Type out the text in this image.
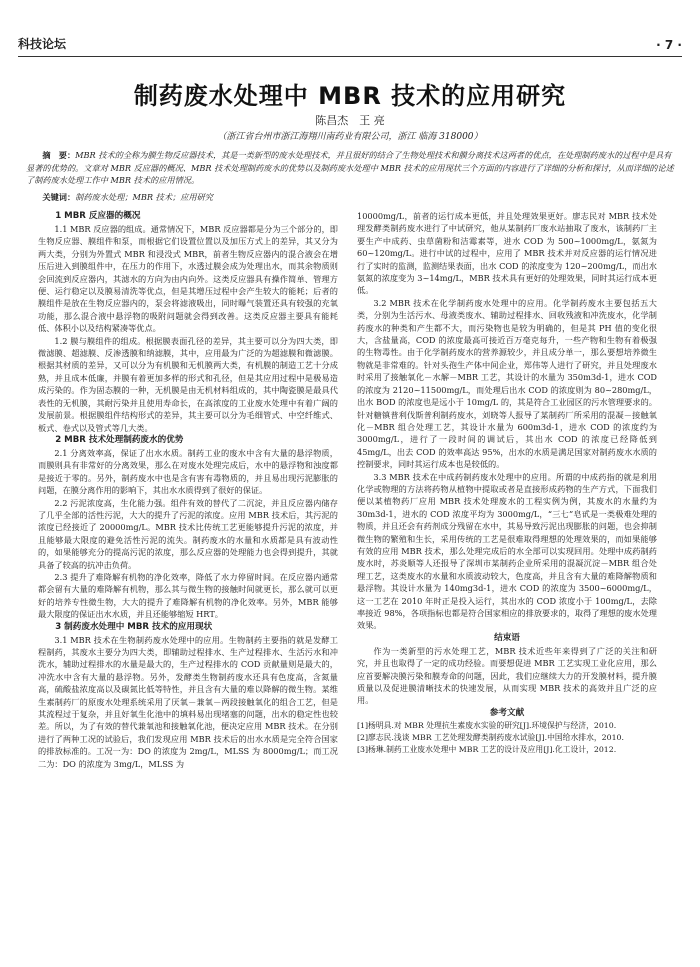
科技论坛	· 7 ·
制药废水处理中 MBR 技术的应用研究
陈昌杰　王 亮
（浙江省台州市浙江海翔川南药业有限公司，浙江 临海 318000）
摘　要：MBR 技术的全称为膜生物反应器技术，其是一类新型的废水处理技术，并且很好的结合了生物处理技术和膜分离技术这两者的优点，在处理制药废水的过程中是具有显著的优势的。文章对 MBR 反应器的概况、MBR 技术处理制药废水的优势以及制药废水处理中 MBR 技术的应用现状三个方面的内容进行了详细的分析和探讨，从而详细的论述了制药废水处理工作中 MBR 技术的应用情况。
关键词：制药废水处理；MBR 技术；应用研究
1 MBR 反应器的概况

1.1 MBR 反应器的组成。通常情况下，MBR 反应器都是分为三个部分的，即生物反应器、膜组件和泵，而根据它们设置位置以及加压方式上的差异，其又分为两大类，分别为外置式 MBR 和浸没式 MBR，前者生物反应器内的混合液会在增压后进入到膜组件中，在压力的作用下，水透过膜会成为处理出水，而其余物质则会回流到反应器内，其滤水的方向为由内向外。这类反应器具有操作简单、管理方便、运行稳定以及膜易清洗等优点，但是其增压过程中会产生较大的能耗；后者的膜组件是放在生物反应器内的，泵会将滤液吸出，同时曝气装置还具有较强的充氧功能，那么混合液中悬浮物的吸附问题就会得到改善。这类反应器主要具有能耗低、体积小以及结构紧凑等优点。

1.2 膜与膜组件的组成。根据膜表面孔径的差异，其主要可以分为四大类，即微滤膜、超滤膜、反渗透膜和纳滤膜，其中，应用最为广泛的为超滤膜和微滤膜。根据其材质的差异，又可以分为有机膜和无机膜两大类，有机膜的制造工艺十分成熟，并且成本低廉，并膜有着更加多样的形式和孔径，但是其应用过程中是极易造成污染的。作为固态膜的一种，无机膜是由无机材料组成的，其中陶瓷膜是最具代表性的无机膜，其耐污染并且使用寿命长，在高浓度的工业废水处理中有着广阔的发展前景。根据膜组件结构形式的差异，其主要可以分为毛细管式、中空纤维式、板式、卷式以及管式等几大类。

2 MBR 技术处理制药废水的优势

2.1 分离效率高，保证了出水水质。制药工业的废水中含有大量的悬浮物质，而膜则具有非常好的分离效果，那么在对废水处理完成后，水中的悬浮物和浊度都是接近于零的。另外，制药废水中也是含有害有毒物质的，并且易出现污泥膨胀的问题，在膜分离作用的影响下，其出水水质得到了很好的保证。

2.2 污泥浓度高，生化能力强。组件有效的替代了二沉淀，并且反应器内储存了几乎全部的活性污泥，大大的提升了污泥的浓度。应用 MBR 技术后，其污泥的浓度已经接近了 20000mg/L。MBR 技术比传统工艺更能够提升污泥的浓度，并且能够最大限度的避免活性污泥的流失。制药废水的水量和水质都是具有波动性的，如果能够充分的提高污泥的浓度，那么反应器的处理能力也会得到提升，其就具备了较高的抗冲击负荷。

2.3 提升了难降解有机物的净化效率，降低了水力停留时间。在反应器内通常都会留有大量的难降解有机物，那么其与微生物的接触时间就更长，那么就可以更好的培养专性微生物，大大的提升了难降解有机物的净化效率。另外，MBR 能够最大限度的保证出水水质，并且还能够缩短 HRT。

3 制药废水处理中 MBR 技术的应用现状

3.1 MBR 技术在生物制药废水处理中的应用。生物制药主要指的就是发酵工程制药，其废水主要分为四大类，即辅助过程排水、生产过程排水、生活污水和冲洗水，辅助过程排水的水量是最大的，生产过程排水的 COD 贡献量则是最大的，冲洗水中含有大量的悬浮物。另外，发酵类生物制药废水还具有色度高，含氮量高，硫酸盐浓度高以及碳氮比低等特性，并且含有大量的难以降解的微生物。某维生素制药厂的原废水处理系统采用了厌氧－兼氧－两段接触氧化的组合工艺，但是其流程过于复杂，并且好氧生化池中的填料易出现堵塞的问题，出水的稳定性也较差。所以，为了有效的替代兼氧池和接触氧化池，便决定应用 MBR 技术。在分别进行了两种工况的试验后，我们发现应用 MBR 技术后的出水水质是完全符合国家的排放标准的。工况一为：DO 的浓度为 2mg/L，MLSS 为 8000mg/L；而工况二为：DO 的浓度为 3mg/L，MLSS 为

10000mg/L，前者的运行成本更低，并且处理效果更好。廖志民对 MBR 技术处理发酵类制药废水进行了中试研究，他从某制药厂废水站抽取了废水，该制药厂主要生产中成药、虫草菌粉和洁霉素等，进水 COD 为 500~1000mg/L，氨氮为 60~120mg/L。进行中试的过程中，应用了 MBR 技术并对反应器的运行情况进行了实时的监测，监测结果表面，出水 COD 的浓度变为 120~200mg/L，而出水氨氮的浓度变为 3~14mg/L，MBR 技术具有更好的处理效果，同时其运行成本更低。

3.2 MBR 技术在化学制药废水处理中的应用。化学制药废水主要包括五大类，分别为生活污水、母液类废水、辅助过程排水、回收残液和冲洗废水，化学制药废水的种类和产生都不大，而污染物也是较为明确的，但是其 PH 值的变化很大，含盐量高，COD 的浓度最高可接近百万毫克每升，一些产物和生物有着极强的生物毒性。由于化学制药废水的营养源较少，并且成分单一，那么要想培养微生物就是非常难的。针对头孢生产体中间企业，郑伟等人进行了研究，并且处理废水时采用了接触氧化－水解－MBR 工艺，其设计的水量为 350m3d-1，进水 COD 的浓度为 2120~11500mg/L，而处理后出水 COD 的浓度则为 80~280mg/L，出水 BOD 的浓度也是远小于 10mg/L 的，其是符合工业园区的污水管理要求的。针对糖镇普利伐斯普利制药废水，刘晓等人报导了某制药厂所采用的混凝－接触氧化－MBR 组合处理工艺，其设计水量为 600m3d-1，进水 COD 的浓度约为 3000mg/L，进行了一段时间的调试后，其出水 COD 的浓度已经降低到 45mg/L，出去 COD 的效率高达 95%，出水的水质是满足国家对制药废水水质的控制要求，同时其运行成本也是较低的。

3.3 MBR 技术在中成药制药废水处理中的应用。所谓的中成药指的就是利用化学或物理的方法将药物从植物中提取或者是直接形成药物的生产方式，下面我们便以某植物药厂应用 MBR 技术处理废水的工程实例为例，其废水的水量约为 30m3d-1，进水的 COD 浓度平均为 3000mg/L，“三七”皂甙是一类极难处理的物质，并且还会有药剂成分残留在水中，其易导致污泥出现膨胀的问题，也会抑制微生物的繁殖和生长，采用传统的工艺是很难取得理想的处理效果的，而如果能够有效的应用 MBR 技术，那么处理完成后的水全部可以实现回用。处理中成药制药废水时，苏炎顺等人还报导了深圳市某制药企业所采用的混凝沉淀－MBR 组合处理工艺，这类废水的水量和水质波动较大，色度高，并且含有大量的难降解物质和悬浮物。其设计水量为 140mg3d-1，进水 COD 的浓度为 3500~6000mg/L，这一工艺在 2010 年时正是投入运行，其出水的 COD 浓度小于 100mg/L，去除率接近 98%，各项指标也都是符合国家相应的排放要求的，取得了理想的废水处理效果。

结束语

作为一类新型的污水处理工艺，MBR 技术近些年来得到了广泛的关注和研究，并且也取得了一定的成功经验。而要想促进 MBR 工艺实现工业化应用，那么应首要解决膜污染和膜寿命的问题，因此，我们应继续大力的开发膜材料，提升膜质量以及促进膜清晰技术的快速发展，从而实现 MBR 技术的高效并且广泛的应用。

参考文献

[1]杨明具.对 MBR 处理抗生素废水实验的研究[J].环境保护与经济，2010.

[2]廖志民.浅谈 MBR 工艺处理发酵类制药废水试验[J].中国给水排水，2010.

[3]杨琳.制药工业废水处理中 MBR 工艺的设计及应用[J].化工设计，2012.
